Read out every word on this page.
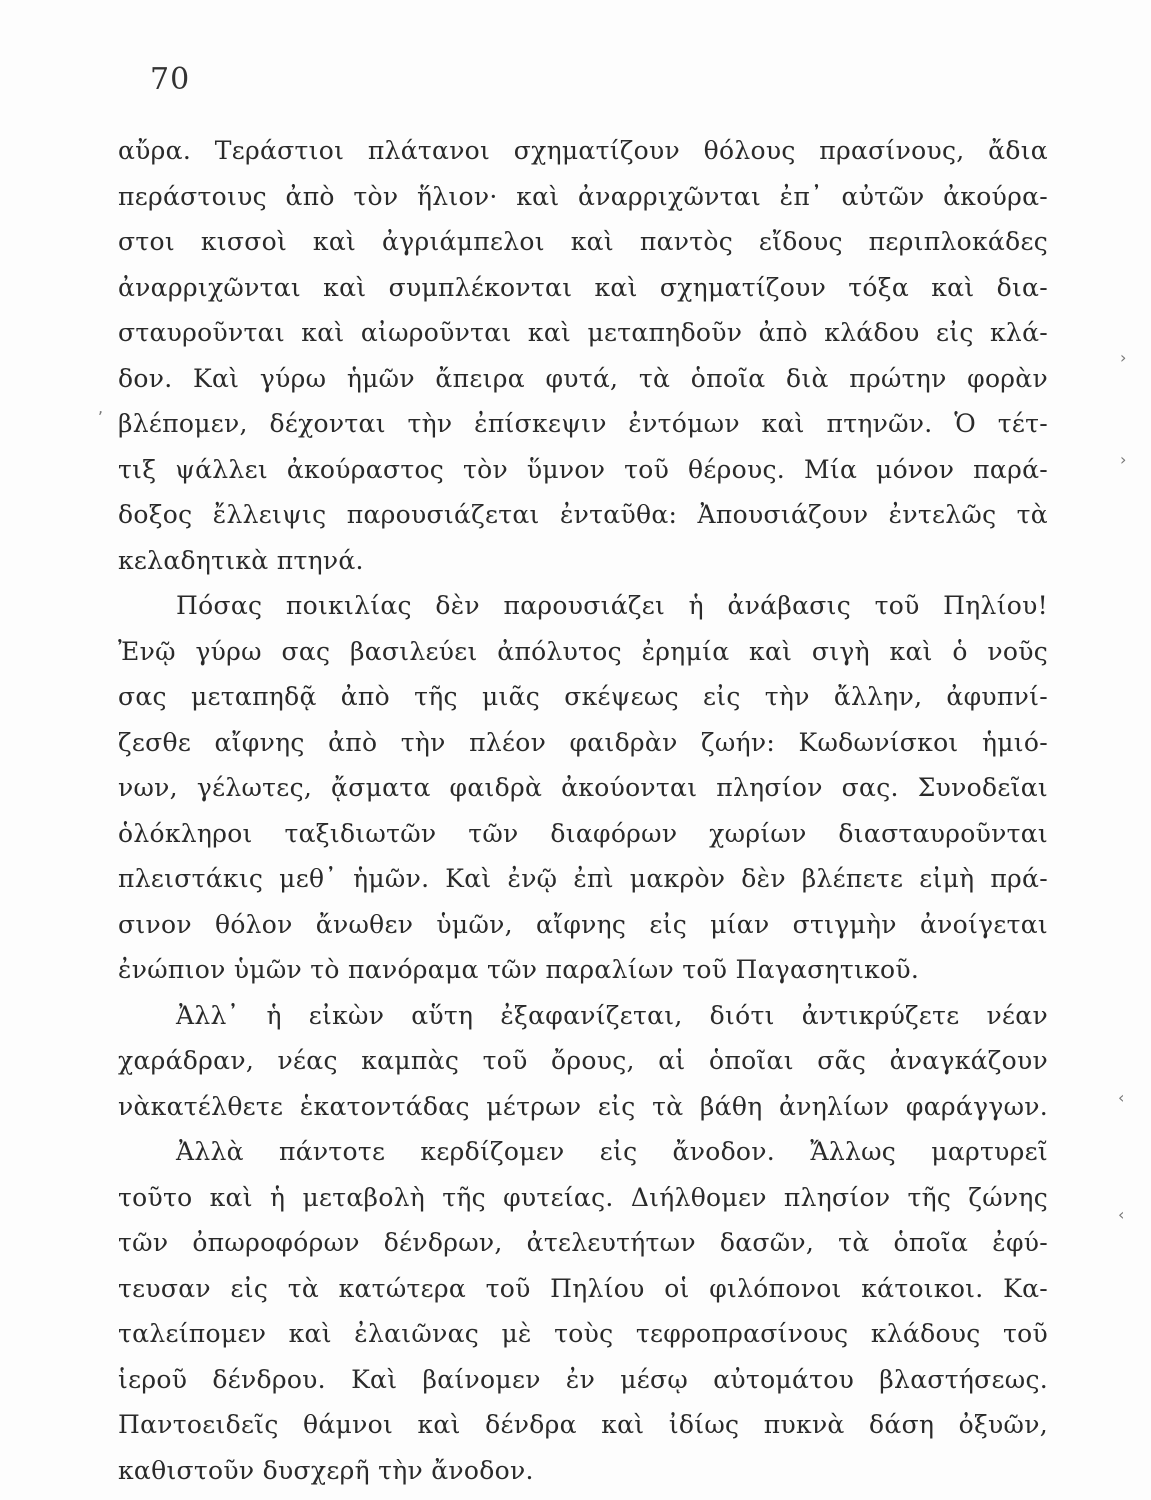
70
αὔρα. Τεράστιοι πλάτανοι σχηματίζουν θόλους πρασίνους, ἄδια
περάστοιυς ἀπὸ τὸν ἥλιον· καὶ ἀναρριχῶνται ἐπ᾽ αὐτῶν ἀκούρα-
στοι κισσοὶ καὶ ἀγριάμπελοι καὶ παντὸς εἴδους περιπλοκάδες
ἀναρριχῶνται καὶ συμπλέκονται καὶ σχηματίζουν τόξα καὶ δια-
σταυροῦνται καὶ αἰωροῦνται καὶ μεταπηδοῦν ἀπὸ κλάδου εἰς κλά-
δον. Καὶ γύρω ἡμῶν ἄπειρα φυτά, τὰ ὁποῖα διὰ πρώτην φορὰν
βλέπομεν, δέχονται τὴν ἐπίσκεψιν ἐντόμων καὶ πτηνῶν. Ὁ τέτ-
τιξ ψάλλει ἀκούραστος τὸν ὕμνον τοῦ θέρους. Μία μόνον παρά-
δοξος ἔλλειψις παρουσιάζεται ἐνταῦθα: Ἀπουσιάζουν ἐντελῶς τὰ
κελαδητικὰ πτηνά.
Πόσας ποικιλίας δὲν παρουσιάζει ἡ ἀνάβασις τοῦ Πηλίου!
Ἐνῷ γύρω σας βασιλεύει ἀπόλυτος ἐρημία καὶ σιγὴ καὶ ὁ νοῦς
σας μεταπηδᾷ ἀπὸ τῆς μιᾶς σκέψεως εἰς τὴν ἄλλην, ἀφυπνί-
ζεσθε αἴφνης ἀπὸ τὴν πλέον φαιδρὰν ζωήν: Κωδωνίσκοι ἡμιό-
νων, γέλωτες, ᾄσματα φαιδρὰ ἀκούονται πλησίον σας. Συνοδεῖαι
ὁλόκληροι ταξιδιωτῶν τῶν διαφόρων χωρίων διασταυροῦνται
πλειστάκις μεθ᾽ ἡμῶν. Καὶ ἐνῷ ἐπὶ μακρὸν δὲν βλέπετε εἰμὴ πρά-
σινον θόλον ἄνωθεν ὑμῶν, αἴφνης εἰς μίαν στιγμὴν ἀνοίγεται
ἐνώπιον ὑμῶν τὸ πανόραμα τῶν παραλίων τοῦ Παγασητικοῦ.
Ἀλλ᾽ ἡ εἰκὼν αὕτη ἐξαφανίζεται, διότι ἀντικρύζετε νέαν
χαράδραν, νέας καμπὰς τοῦ ὄρους, αἱ ὁποῖαι σᾶς ἀναγκάζουν
νὰκατέλθετε ἑκατοντάδας μέτρων εἰς τὰ βάθη ἀνηλίων φαράγγων.
Ἀλλὰ πάντοτε κερδίζομεν εἰς ἄνοδον. Ἄλλως μαρτυρεῖ
τοῦτο καὶ ἡ μεταβολὴ τῆς φυτείας. Διήλθομεν πλησίον τῆς ζώνης
τῶν ὀπωροφόρων δένδρων, ἀτελευτήτων δασῶν, τὰ ὁποῖα ἐφύ-
τευσαν εἰς τὰ κατώτερα τοῦ Πηλίου οἱ φιλόπονοι κάτοικοι. Κα-
ταλείπομεν καὶ ἐλαιῶνας μὲ τοὺς τεφροπρασίνους κλάδους τοῦ
ἱεροῦ δένδρου. Καὶ βαίνομεν ἐν μέσῳ αὐτομάτου βλαστήσεως.
Παντοειδεῖς θάμνοι καὶ δένδρα καὶ ἰδίως πυκνὰ δάση ὀξυῶν,
καθιστοῦν δυσχερῆ τὴν ἄνοδον.
›
,
›
‹
‹
